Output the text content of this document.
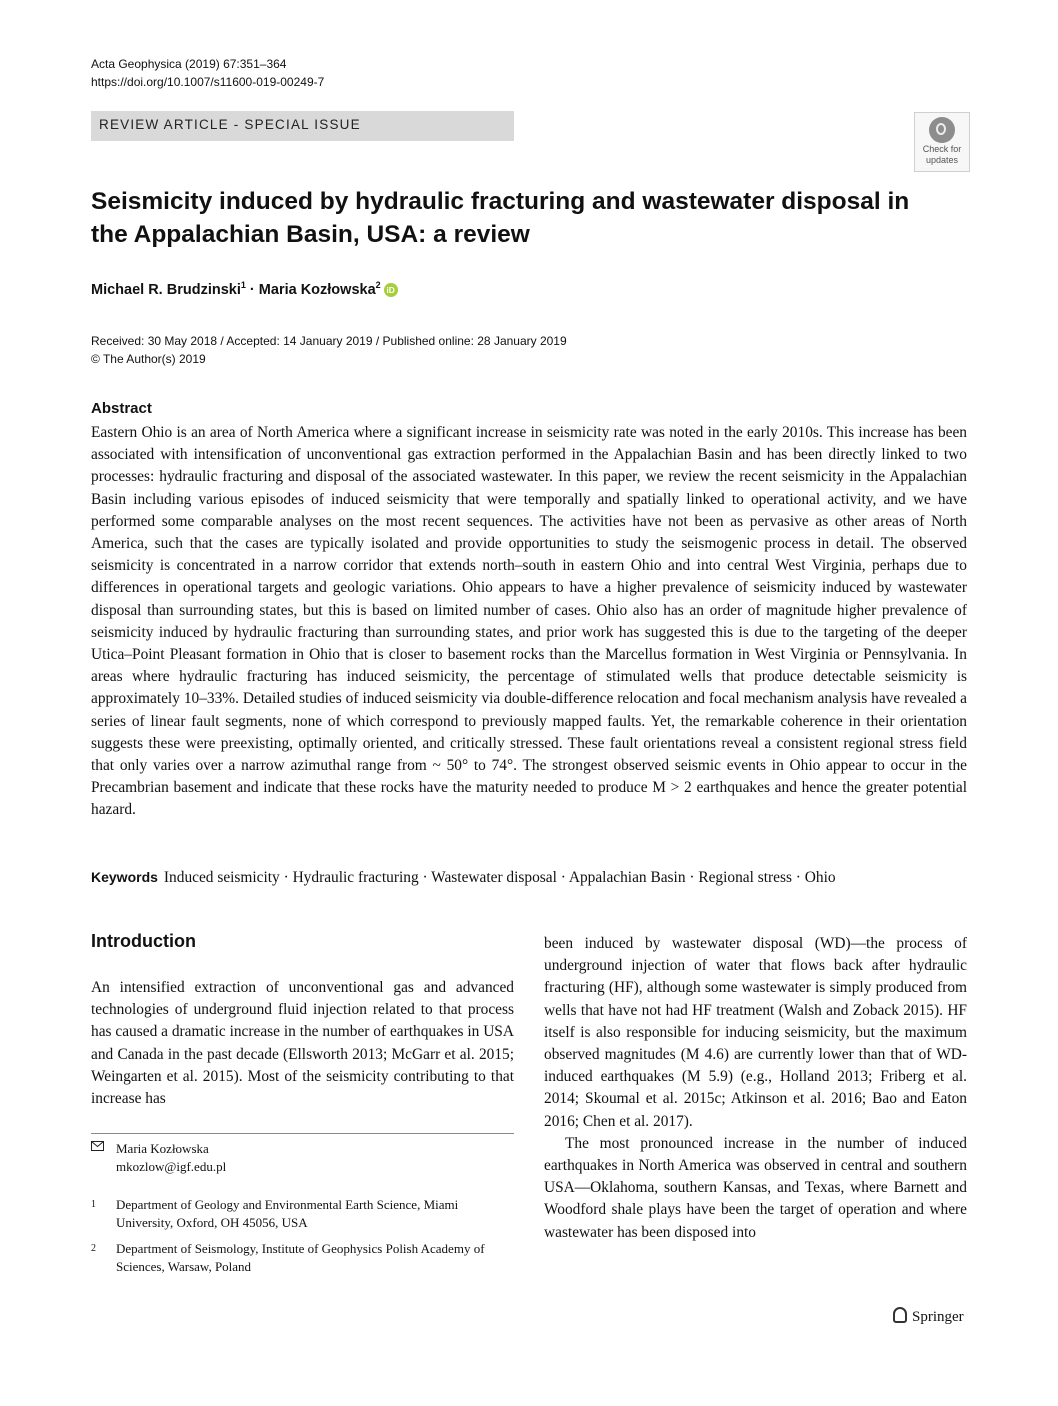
Acta Geophysica (2019) 67:351–364
https://doi.org/10.1007/s11600-019-00249-7
REVIEW ARTICLE - SPECIAL ISSUE
Check for
updates
Seismicity induced by hydraulic fracturing and wastewater disposal in the Appalachian Basin, USA: a review
Michael R. Brudzinski$^1$ · Maria Kozłowska$^2$ iD
Received: 30 May 2018 / Accepted: 14 January 2019 / Published online: 28 January 2019
© The Author(s) 2019
Abstract

Eastern Ohio is an area of North America where a significant increase in seismicity rate was noted in the early 2010s. This increase has been associated with intensification of unconventional gas extraction performed in the Appalachian Basin and has been directly linked to two processes: hydraulic fracturing and disposal of the associated wastewater. In this paper, we review the recent seismicity in the Appalachian Basin including various episodes of induced seismicity that were temporally and spatially linked to operational activity, and we have performed some comparable analyses on the most recent sequences. The activities have not been as pervasive as other areas of North America, such that the cases are typically isolated and provide opportunities to study the seismogenic process in detail. The observed seismicity is concentrated in a narrow corridor that extends north–south in eastern Ohio and into central West Virginia, perhaps due to differences in operational targets and geologic variations. Ohio appears to have a higher prevalence of seismicity induced by wastewater disposal than surrounding states, but this is based on limited number of cases. Ohio also has an order of magnitude higher prevalence of seismicity induced by hydraulic fracturing than surrounding states, and prior work has suggested this is due to the targeting of the deeper Utica–Point Pleasant formation in Ohio that is closer to basement rocks than the Marcellus formation in West Virginia or Pennsylvania. In areas where hydraulic fracturing has induced seismicity, the percentage of stimulated wells that produce detectable seismicity is approximately 10–33%. Detailed studies of induced seismicity via double-difference relocation and focal mechanism analysis have revealed a series of linear fault segments, none of which correspond to previously mapped faults. Yet, the remarkable coherence in their orientation suggests these were preexisting, optimally oriented, and critically stressed. These fault orientations reveal a consistent regional stress field that only varies over a narrow azimuthal range from ~ 50° to 74°. The strongest observed seismic events in Ohio appear to occur in the Precambrian basement and indicate that these rocks have the maturity needed to produce M > 2 earthquakes and hence the greater potential hazard.

Keywords Induced seismicity · Hydraulic fracturing · Wastewater disposal · Appalachian Basin · Regional stress · Ohio
Introduction

An intensified extraction of unconventional gas and advanced technologies of underground fluid injection related to that process has caused a dramatic increase in the number of earthquakes in USA and Canada in the past decade (Ellsworth 2013; McGarr et al. 2015; Weingarten et al. 2015). Most of the seismicity contributing to that increase has

been induced by wastewater disposal (WD)—the process of underground injection of water that flows back after hydraulic fracturing (HF), although some wastewater is simply produced from wells that have not had HF treatment (Walsh and Zoback 2015). HF itself is also responsible for inducing seismicity, but the maximum observed magnitudes (M 4.6) are currently lower than that of WD-induced earthquakes (M 5.9) (e.g., Holland 2013; Friberg et al. 2014; Skoumal et al. 2015c; Atkinson et al. 2016; Bao and Eaton 2016; Chen et al. 2017).

The most pronounced increase in the number of induced earthquakes in North America was observed in central and southern USA—Oklahoma, southern Kansas, and Texas, where Barnett and Woodford shale plays have been the target of operation and where wastewater has been disposed into

Maria Kozłowska
mkozlow@igf.edu.pl
1	Department of Geology and Environmental Earth Science, Miami University, Oxford, OH 45056, USA
2	Department of Seismology, Institute of Geophysics Polish Academy of Sciences, Warsaw, Poland
Springer
